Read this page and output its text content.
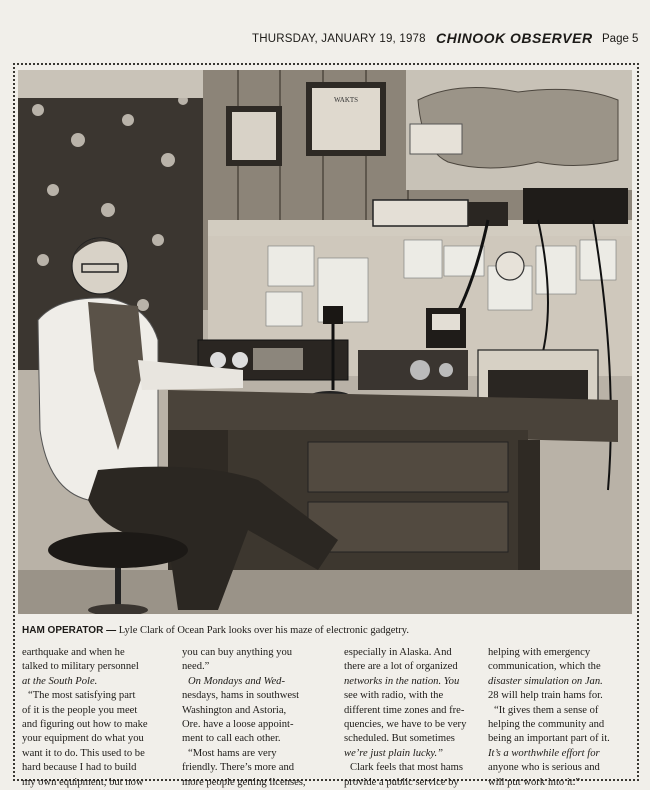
THURSDAY, JANUARY 19, 1978 CHINOOK OBSERVER Page 5
WAKTS
HAM OPERATOR — Lyle Clark of Ocean Park looks over his maze of electronic gadgetry.
earthquake and when he
talked to military personnel
at the South Pole.
“The most satisfying part
of it is the people you meet
and figuring out how to make
your equipment do what you
want it to do. This used to be
hard because I had to build
my own equipment, but now
you can buy anything you
need.”
On Mondays and Wed-
nesdays, hams in southwest
Washington and Astoria,
Ore. have a loose appoint-
ment to call each other.
“Most hams are very
friendly. There’s more and
more people getting licenses,
especially in Alaska. And
there are a lot of organized
networks in the nation. You
see with radio, with the
different time zones and fre-
quencies, we have to be very
scheduled. But sometimes
we’re just plain lucky.”
Clark feels that most hams
provide a public service by
helping with emergency
communication, which the
disaster simulation on Jan.
28 will help train hams for.
“It gives them a sense of
helping the community and
being an important part of it.
It’s a worthwhile effort for
anyone who is serious and
will put work into it.”
